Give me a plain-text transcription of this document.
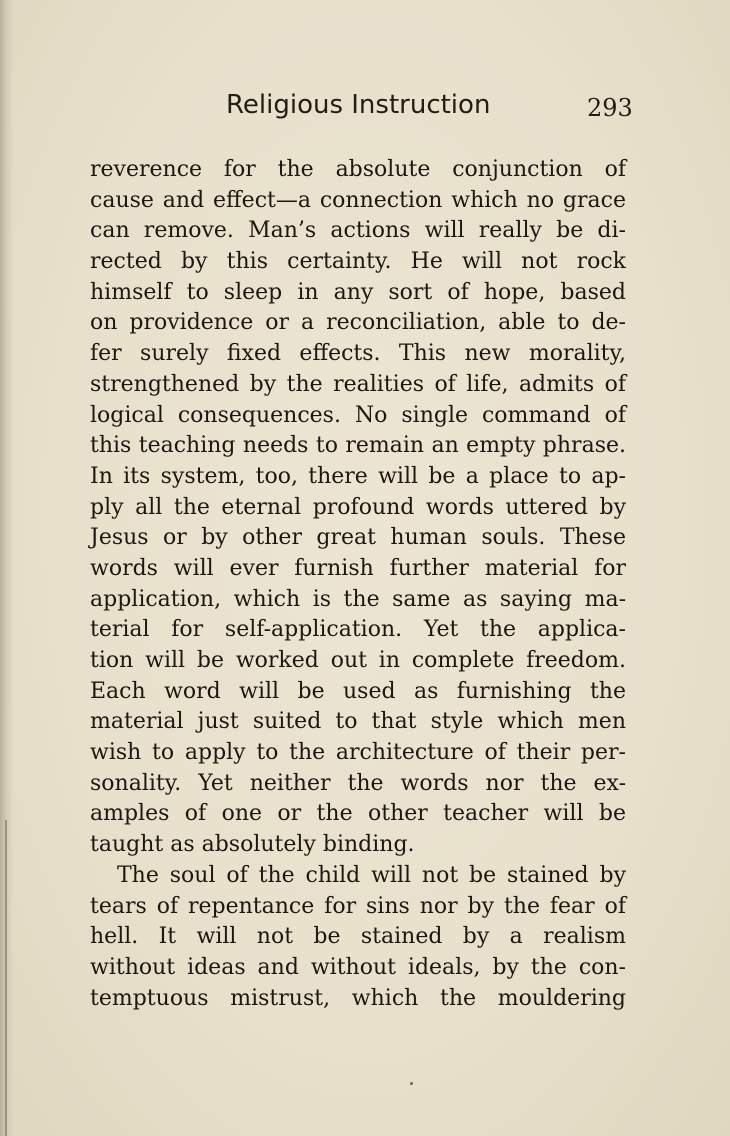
Religious Instruction	293
reverence for the absolute conjunction of
cause and effect—a connection which no grace
can remove. Man’s actions will really be di-
rected by this certainty. He will not rock
himself to sleep in any sort of hope, based
on providence or a reconciliation, able to de-
fer surely fixed effects. This new morality,
strengthened by the realities of life, admits of
logical consequences. No single command of
this teaching needs to remain an empty phrase.
In its system, too, there will be a place to ap-
ply all the eternal profound words uttered by
Jesus or by other great human souls. These
words will ever furnish further material for
application, which is the same as saying ma-
terial for self-application. Yet the applica-
tion will be worked out in complete freedom.
Each word will be used as furnishing the
material just suited to that style which men
wish to apply to the architecture of their per-
sonality. Yet neither the words nor the ex-
amples of one or the other teacher will be
taught as absolutely binding.
The soul of the child will not be stained by
tears of repentance for sins nor by the fear of
hell. It will not be stained by a realism
without ideas and without ideals, by the con-
temptuous mistrust, which the mouldering
